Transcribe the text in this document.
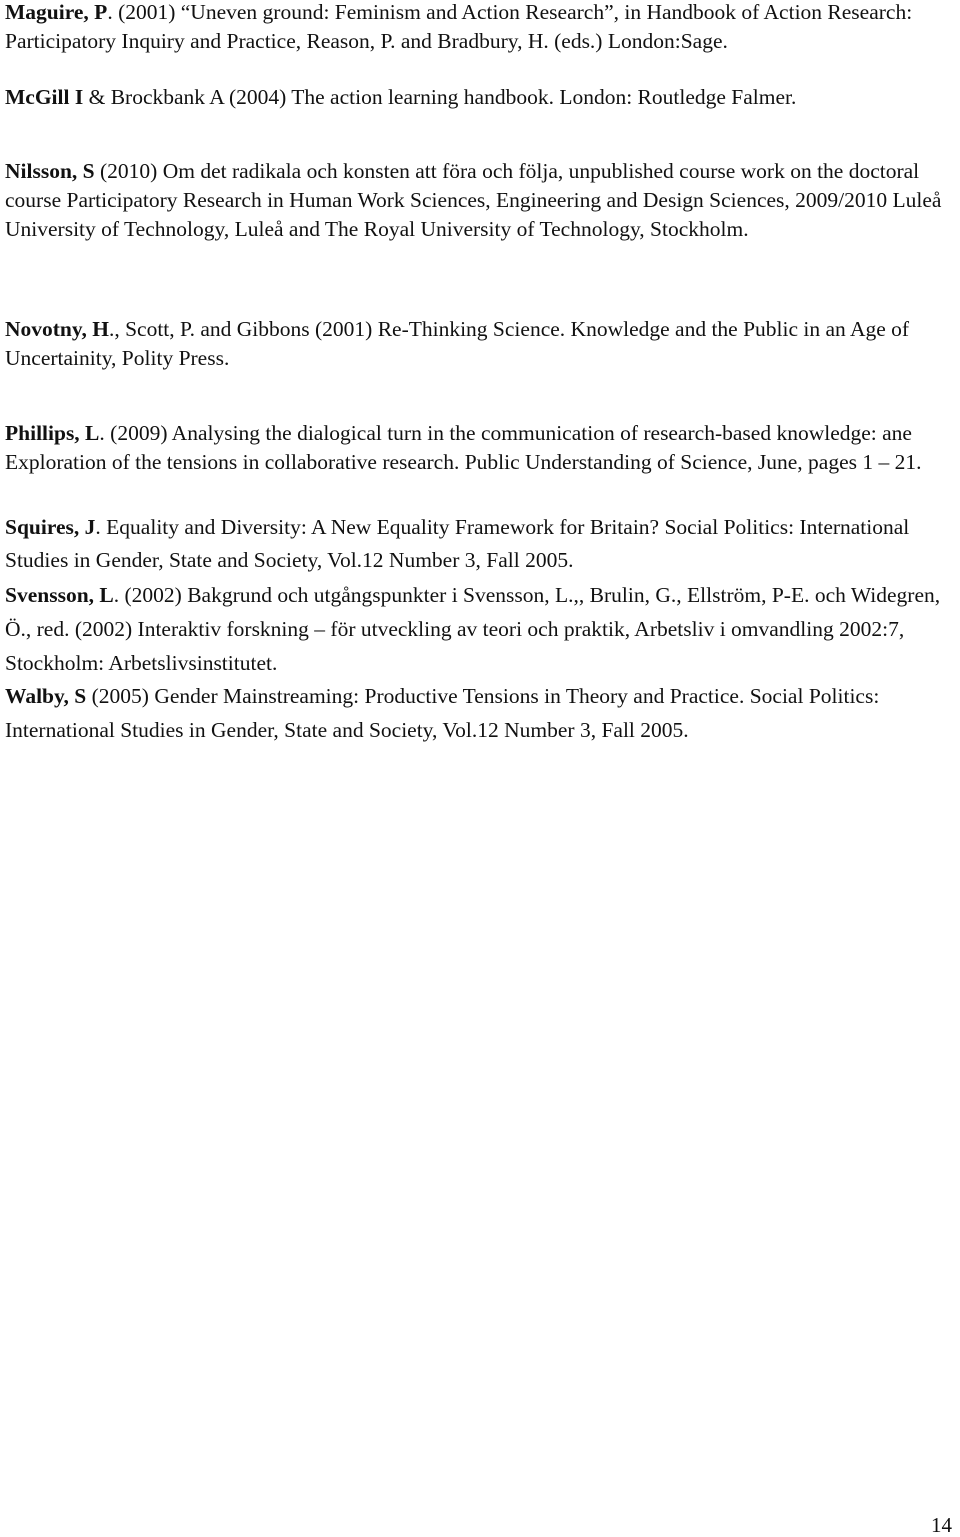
Maguire, P. (2001) “Uneven ground: Feminism and Action Research”, in Handbook of Action Research: Participatory Inquiry and Practice, Reason, P. and Bradbury, H. (eds.) London:Sage.

McGill I & Brockbank A (2004) The action learning handbook. London: Routledge Falmer.

Nilsson, S (2010) Om det radikala och konsten att föra och följa, unpublished course work on the doctoral course Participatory Research in Human Work Sciences, Engineering and Design Sciences, 2009/2010 Luleå University of Technology, Luleå and The Royal University of Technology, Stockholm.

Novotny, H., Scott, P. and Gibbons (2001) Re-Thinking Science. Knowledge and the Public in an Age of Uncertainity, Polity Press.

Phillips, L. (2009) Analysing the dialogical turn in the communication of research-based knowledge: ane Exploration of the tensions in collaborative research. Public Understanding of Science, June, pages 1 – 21.

Squires, J. Equality and Diversity: A New Equality Framework for Britain? Social Politics: International Studies in Gender, State and Society, Vol.12 Number 3, Fall 2005.

Svensson, L. (2002) Bakgrund och utgångspunkter i Svensson, L.,, Brulin, G., Ellström, P-E. och Widegren, Ö., red. (2002) Interaktiv forskning – för utveckling av teori och praktik, Arbetsliv i omvandling 2002:7, Stockholm: Arbetslivsinstitutet.

Walby, S (2005) Gender Mainstreaming: Productive Tensions in Theory and Practice. Social Politics: International Studies in Gender, State and Society, Vol.12 Number 3, Fall 2005.

14
